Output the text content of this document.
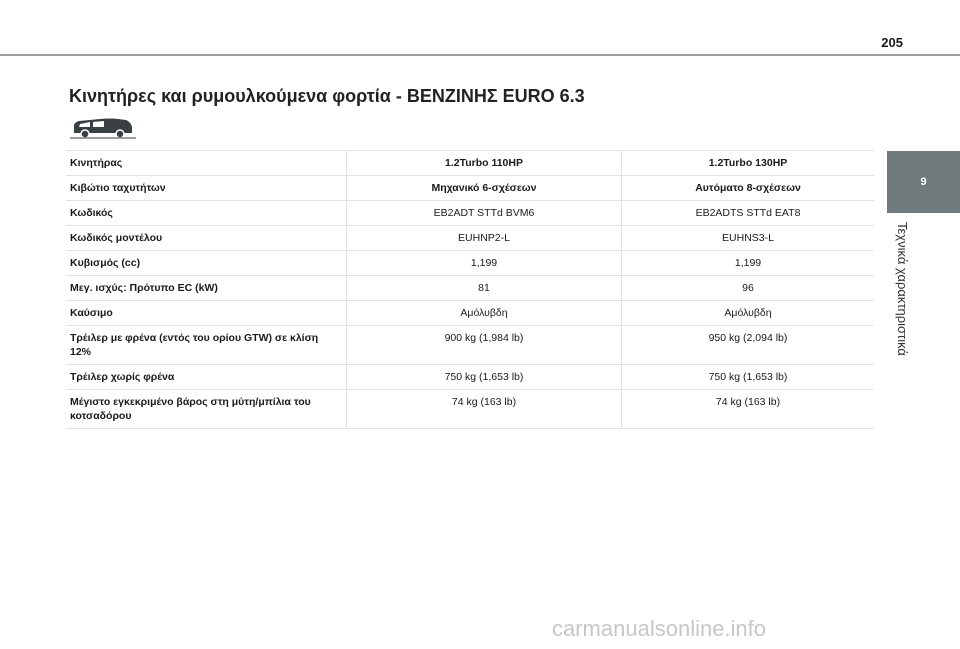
205
Κινητήρες και ρυμουλκούμενα φορτία - ΒΕΝΖΙΝΗΣ EURO 6.3
Κινητήρας	1.2Turbo 110HP	1.2Turbo 130HP
Κιβώτιο ταχυτήτων	Μηχανικό 6-σχέσεων	Αυτόματο 8-σχέσεων
Κωδικός	EB2ADT STTd BVM6	EB2ADTS STTd EAT8
Κωδικός μοντέλου	EUHNP2-L	EUHNS3-L
Κυβισμός (cc)	1,199	1,199
Μεγ. ισχύς: Πρότυπο EC (kW)	81	96
Καύσιμο	Αμόλυβδη	Αμόλυβδη
Τρέιλερ με φρένα (εντός του ορίου GTW) σε κλίση 12%	900 kg (1,984 lb)	950 kg (2,094 lb)
Τρέιλερ χωρίς φρένα	750 kg (1,653 lb)	750 kg (1,653 lb)
Μέγιστο εγκεκριμένο βάρος στη μύτη/μπίλια του κοτσαδόρου	74 kg (163 lb)	74 kg (163 lb)
9
Τεχνικά χαρακτηριστικά
carmanualsonline.info
